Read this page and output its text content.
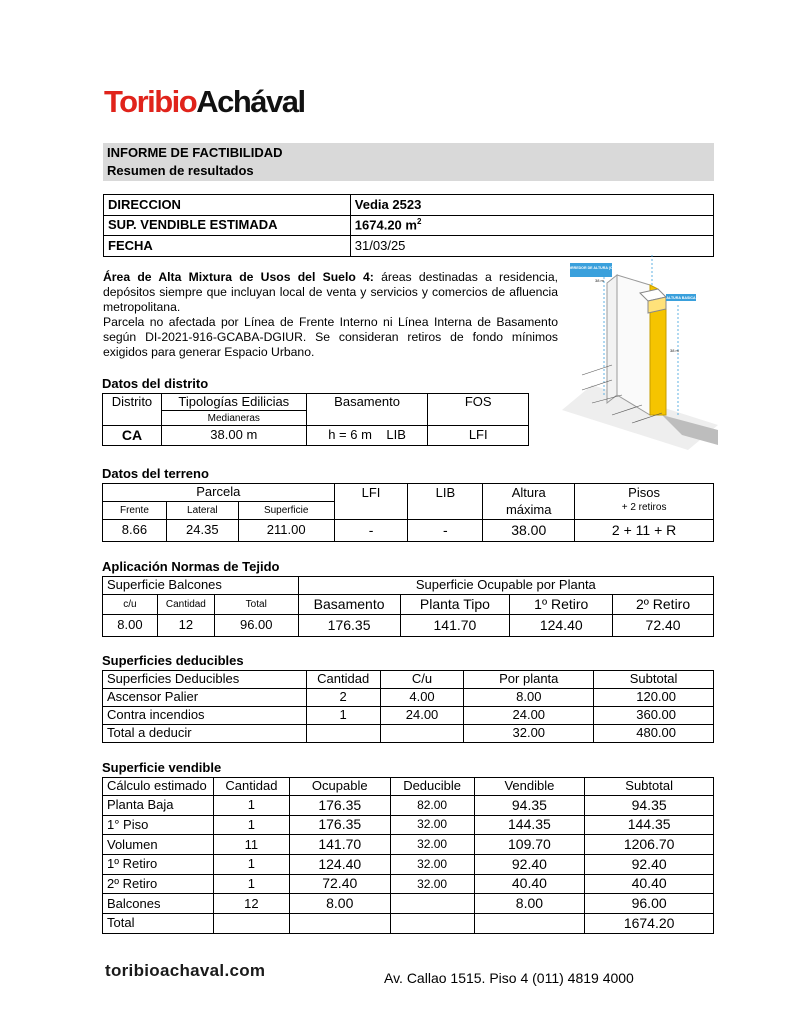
ToribioAchával
INFORME DE FACTIBILIDAD
Resumen de resultados
DIRECCION	Vedia 2523
SUP. VENDIBLE ESTIMADA	1674.20 $m^2$
FECHA	31/03/25

Área de Alta Mixtura de Usos del Suelo 4: áreas destinadas a residencia, depósitos siempre que incluyan local de venta y servicios y comercios de afluencia metropolitana.

Parcela no afectada por Línea de Frente Interno ni Línea Interna de Basamento según DI-2021-916-GCABA-DGIUR. Se consideran retiros de fondo mínimos exigidos para generar Espacio Urbano.

CORREDOR DE ALTURA (CA)
38 m
ALTURA BASICA
38 m
Datos del distrito
Distrito	Tipologías Edilicias	Basamento	FOS
	Medianeras		
CA	38.00 m	h = 6 m LIB	LFI
Datos del terreno
Parcela			LFI	LIB	Altura	Pisos
Frente	Lateral	Superficie			máxima	+ 2 retiros
8.66	24.35	211.00	-	-	38.00	2 + 11 + R
Aplicación Normas de Tejido
Superficie Balcones			Superficie Ocupable por Planta			
c/u	Cantidad	Total	Basamento	Planta Tipo	1º Retiro	2º Retiro
8.00	12	96.00	176.35	141.70	124.40	72.40
Superficies deducibles
Superficies Deducibles	Cantidad	C/u	Por planta	Subtotal
Ascensor Palier	2	4.00	8.00	120.00
Contra incendios	1	24.00	24.00	360.00
Total a deducir			32.00	480.00
Superficie vendible
Cálculo estimado	Cantidad	Ocupable	Deducible	Vendible	Subtotal
Planta Baja	1	176.35	82.00	94.35	94.35
1° Piso	1	176.35	32.00	144.35	144.35
Volumen	11	141.70	32.00	109.70	1206.70
1º Retiro	1	124.40	32.00	92.40	92.40
2º Retiro	1	72.40	32.00	40.40	40.40
Balcones	12	8.00		8.00	96.00
Total					1674.20
toribioachaval.com	Av. Callao 1515. Piso 4 (011) 4819 4000
